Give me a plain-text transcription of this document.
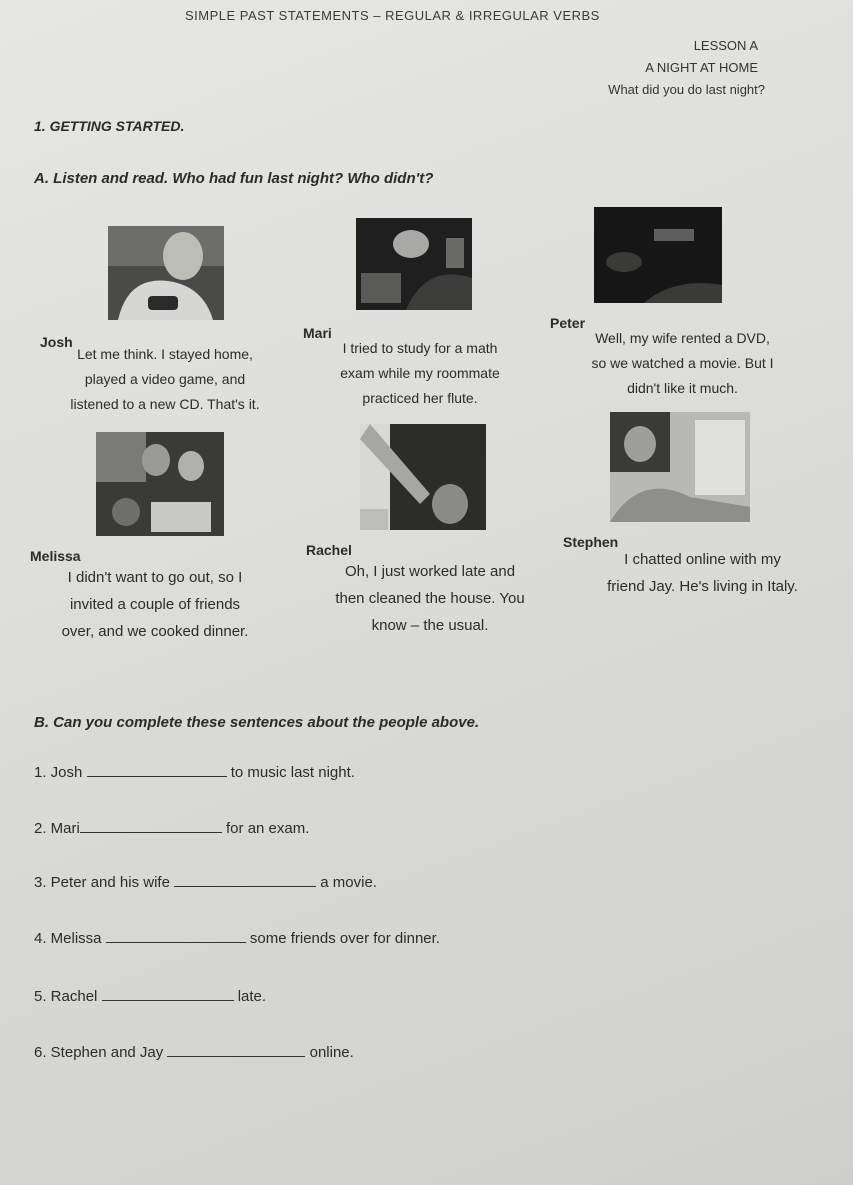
SIMPLE PAST STATEMENTS – REGULAR & IRREGULAR VERBS
LESSON A
A NIGHT AT HOME
What did you do last night?
1. GETTING STARTED.
A. Listen and read. Who had fun last night? Who didn't?
Josh
Mari
Peter
Let me think. I stayed home,
played a video game, and
listened to a new CD. That's it.
I tried to study for a math
exam while my roommate
practiced her flute.
Well, my wife rented a DVD,
so we watched a movie. But I
didn't like it much.
Melissa	Rachel	Stephen
I didn't want to go out, so I
invited a couple of friends
over, and we cooked dinner.
Oh, I just worked late and
then cleaned the house. You
know – the usual.
I chatted online with my
friend Jay. He's living in Italy.
B. Can you complete these sentences about the people above.
1. Josh	to music last night.
2. Mari	for an exam.
3. Peter and his wife	a movie.
4. Melissa	some friends over for dinner.
5. Rachel	late.
6. Stephen and Jay	online.
